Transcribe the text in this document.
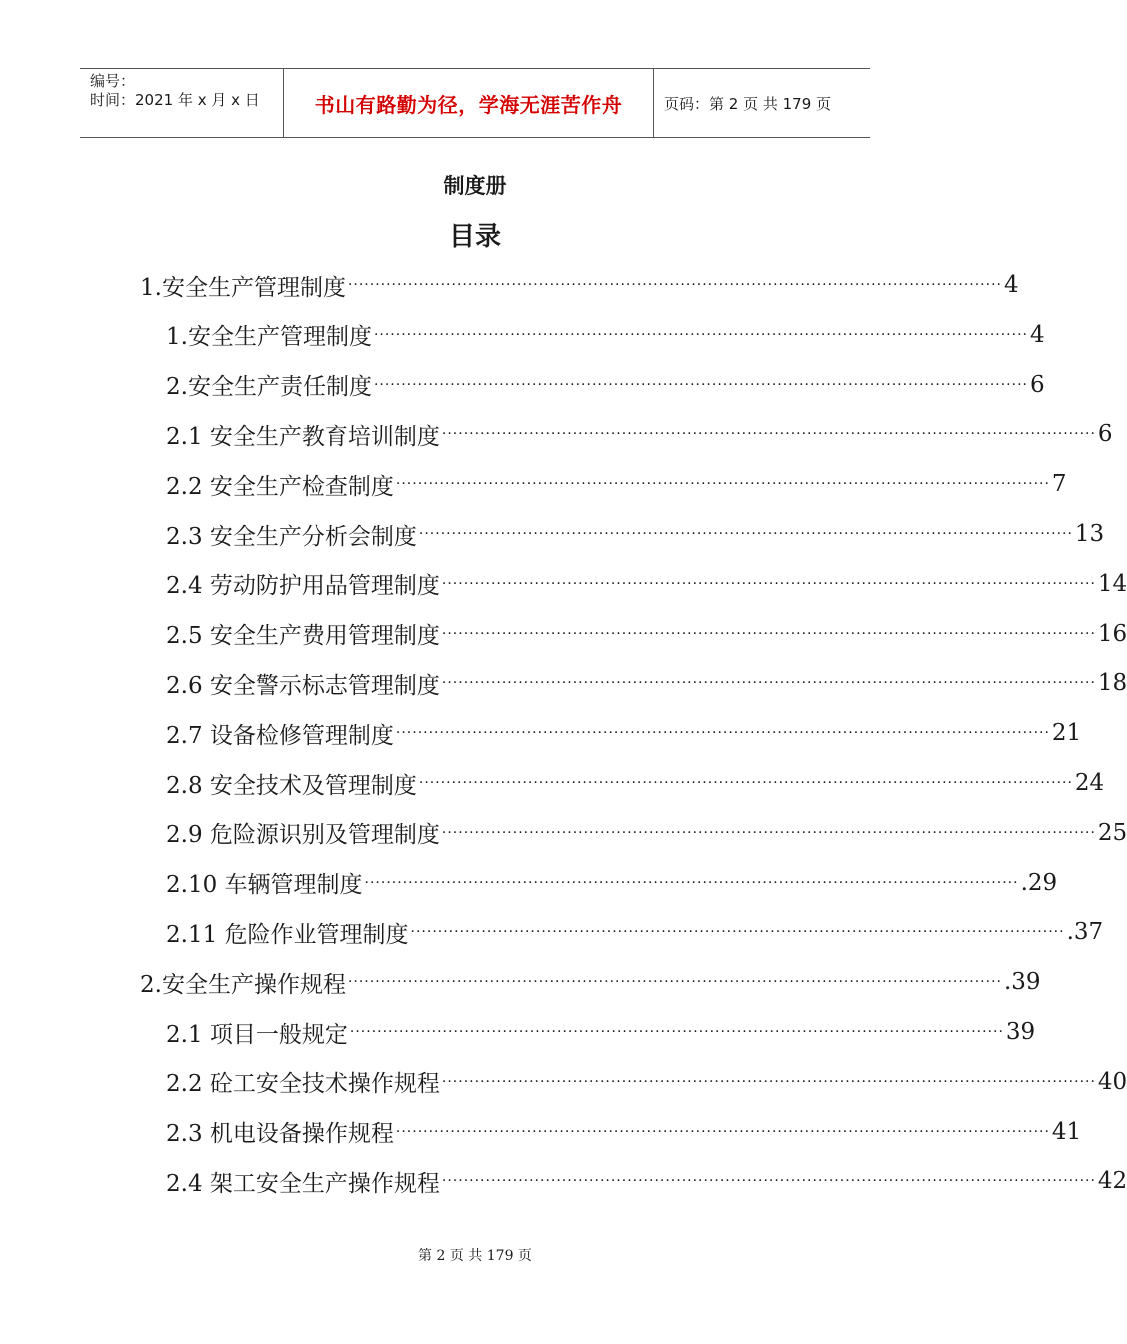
编号：
时间：2021 年 x 月 x 日	书山有路勤为径，学海无涯苦作舟	页码：第 2 页 共 179 页
制度册
目录
1.安全生产管理制度 ························································································································ 4
1.安全生产管理制度 ························································································································ 4
2.安全生产责任制度 ························································································································ 6
2.1 安全生产教育培训制度 ························································································································ 6
2.2 安全生产检查制度 ························································································································ 7
2.3 安全生产分析会制度 ························································································································ 13
2.4 劳动防护用品管理制度 ························································································································ 14
2.5 安全生产费用管理制度 ························································································································ 16
2.6 安全警示标志管理制度 ························································································································ 18
2.7 设备检修管理制度 ························································································································ 21
2.8 安全技术及管理制度 ························································································································ 24
2.9 危险源识别及管理制度 ························································································································ 25
2.10 车辆管理制度 ························································································································ .29
2.11 危险作业管理制度 ························································································································ .37
2.安全生产操作规程 ························································································································ .39
2.1 项目一般规定 ························································································································ 39
2.2 砼工安全技术操作规程 ························································································································ 40
2.3 机电设备操作规程 ························································································································ 41
2.4 架工安全生产操作规程 ························································································································ 42
第 2 页 共 179 页
